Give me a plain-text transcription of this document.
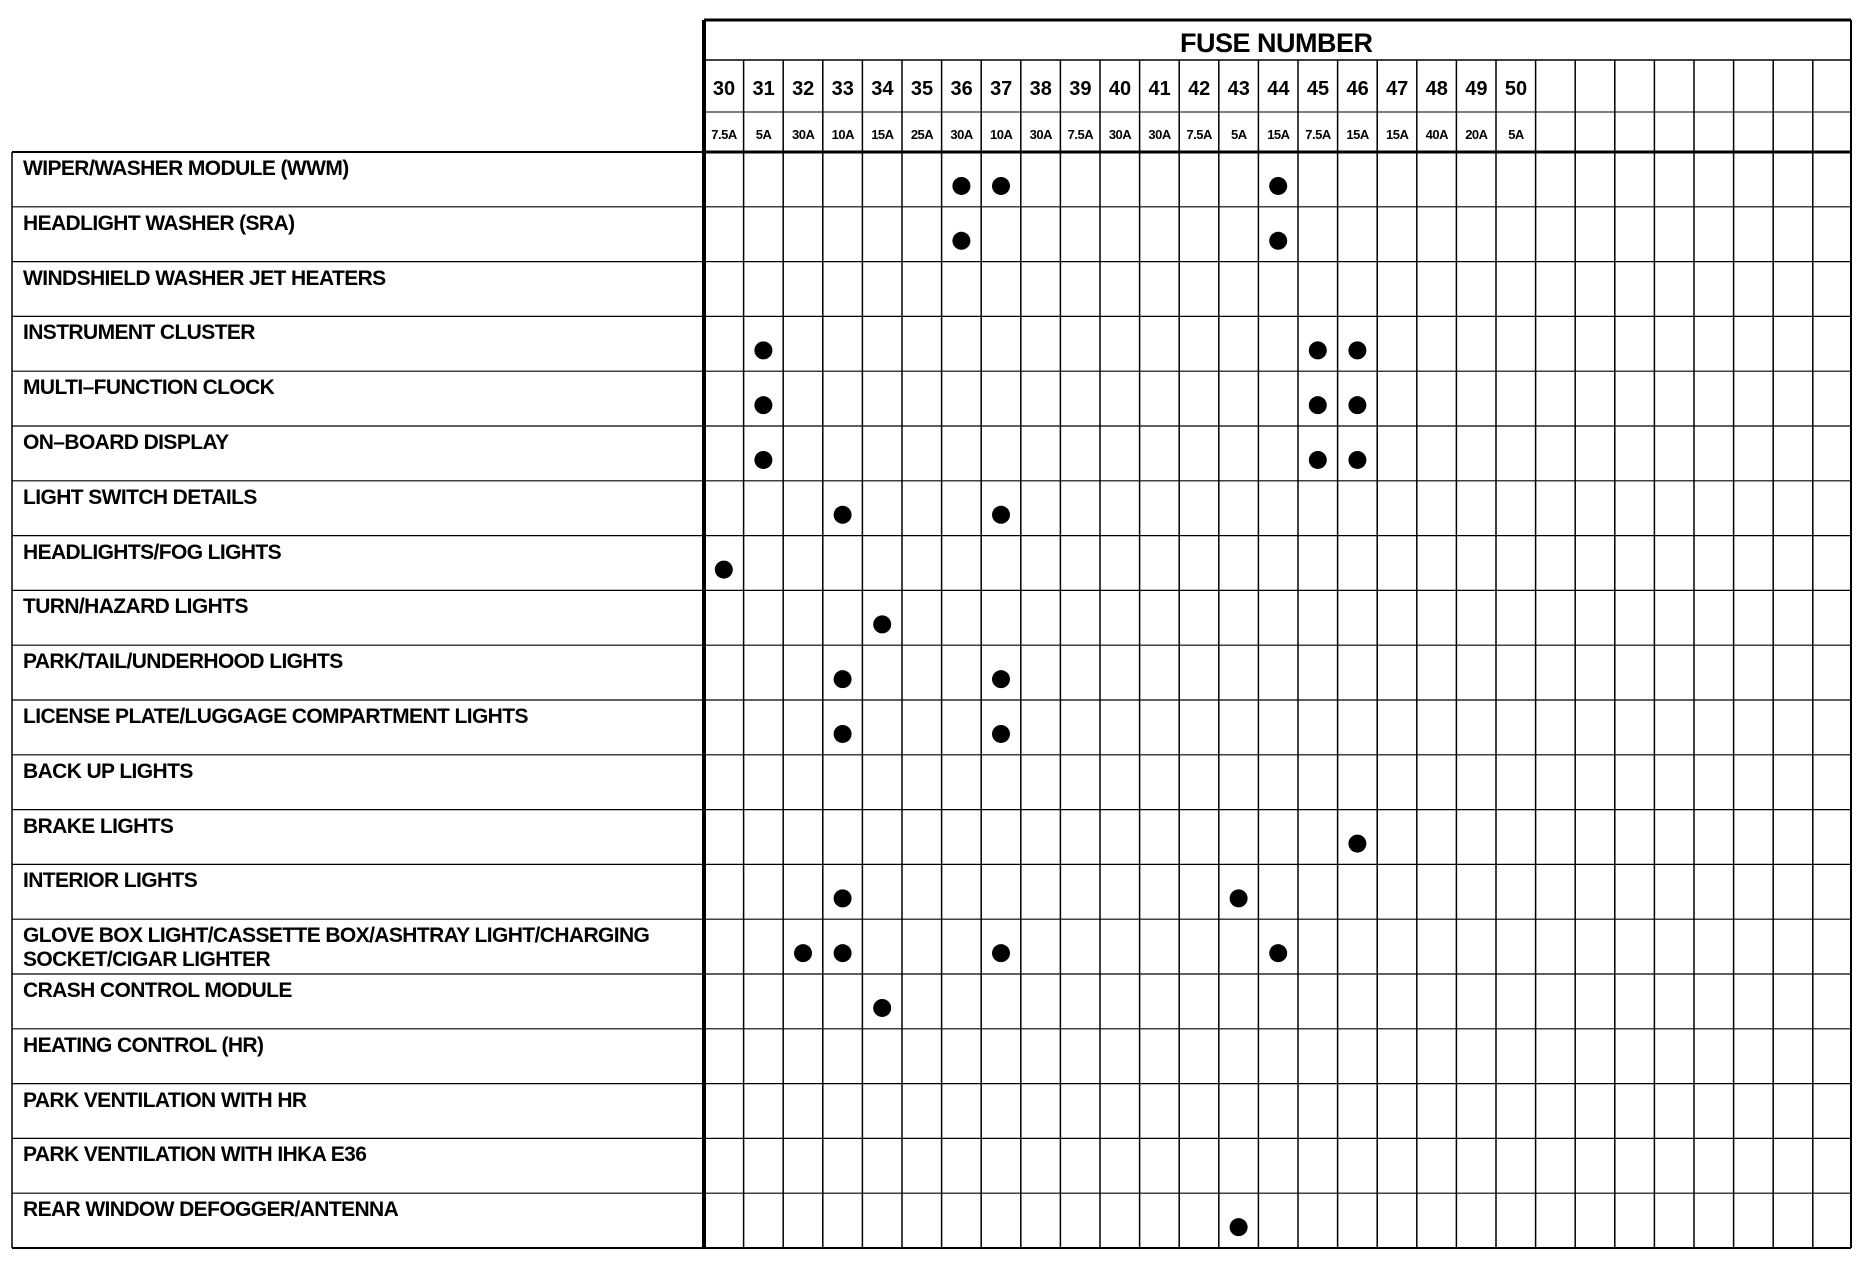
WIPER/WASHER MODULE (WWM)
HEADLIGHT WASHER (SRA)
WINDSHIELD WASHER JET HEATERS
INSTRUMENT CLUSTER
MULTI–FUNCTION CLOCK
ON–BOARD DISPLAY
LIGHT SWITCH DETAILS
HEADLIGHTS/FOG LIGHTS
TURN/HAZARD LIGHTS
PARK/TAIL/UNDERHOOD LIGHTS
LICENSE PLATE/LUGGAGE COMPARTMENT LIGHTS
BACK UP LIGHTS
BRAKE LIGHTS
INTERIOR LIGHTS
GLOVE BOX LIGHT/CASSETTE BOX/ASHTRAY LIGHT/CHARGING
SOCKET/CIGAR LIGHTER
CRASH CONTROL MODULE
HEATING CONTROL (HR)
PARK VENTILATION WITH HR
PARK VENTILATION WITH IHKA E36
REAR WINDOW DEFOGGER/ANTENNA
FUSE NUMBER
30
7.5A
31
5A
32
30A
33
10A
34
15A
35
25A
36
30A
37
10A
38
30A
39
7.5A
40
30A
41
30A
42
7.5A
43
5A
44
15A
45
7.5A
46
15A
47
15A
48
40A
49
20A
50
5A
